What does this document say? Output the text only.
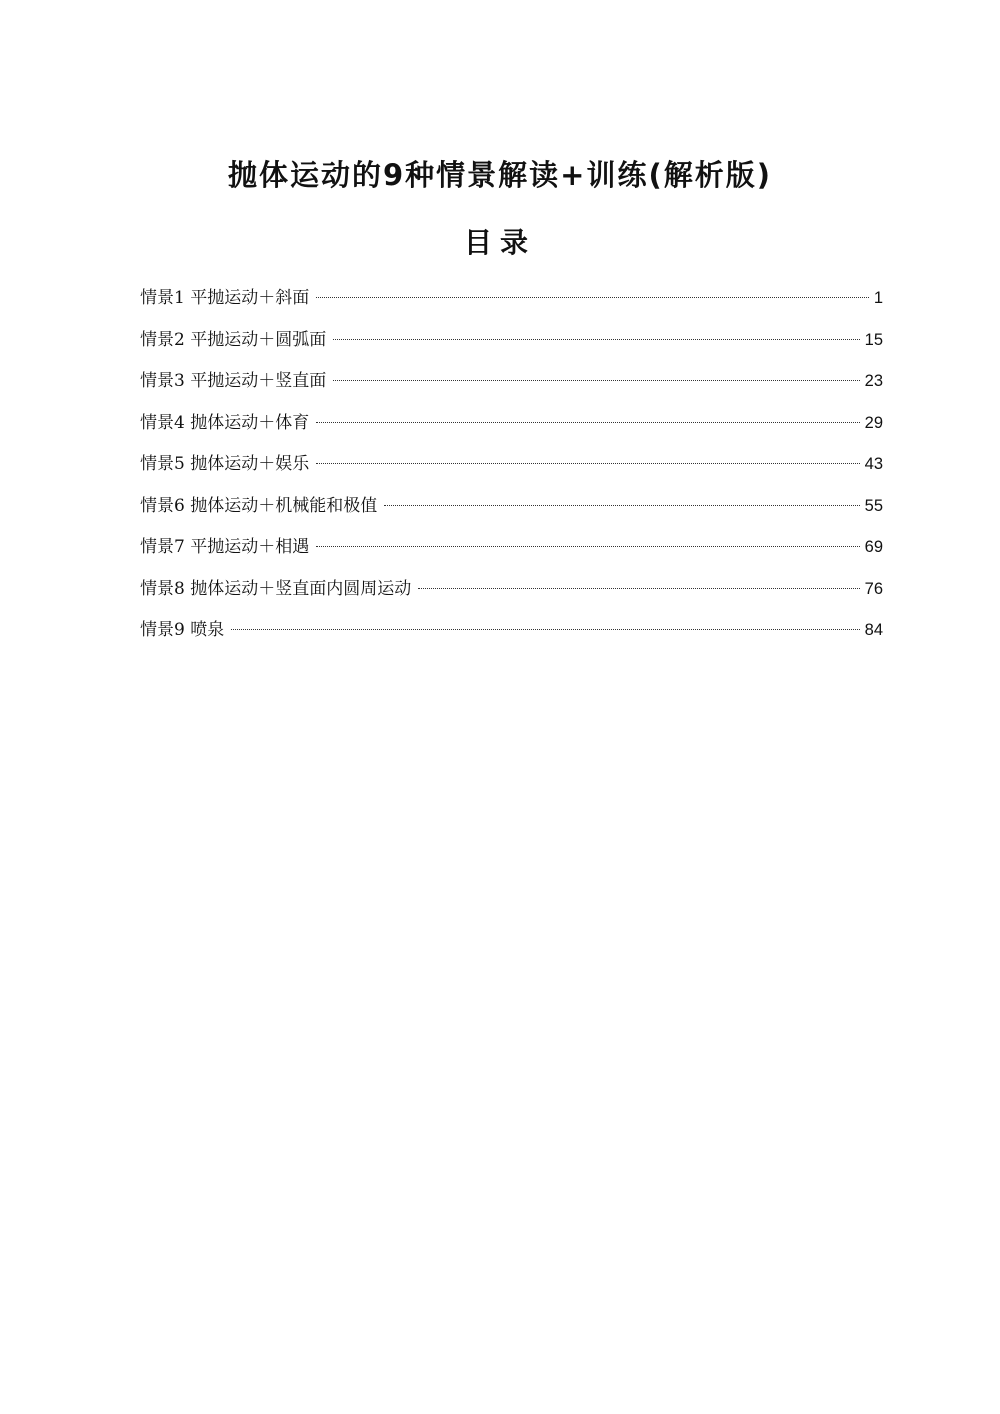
抛体运动的9种情景解读+训练(解析版)
目录
情景1 平抛运动＋斜面	1
情景2 平抛运动＋圆弧面	15
情景3 平抛运动＋竖直面	23
情景4 抛体运动＋体育	29
情景5 抛体运动＋娱乐	43
情景6 抛体运动＋机械能和极值	55
情景7 平抛运动＋相遇	69
情景8 抛体运动＋竖直面内圆周运动	76
情景9 喷泉	84
